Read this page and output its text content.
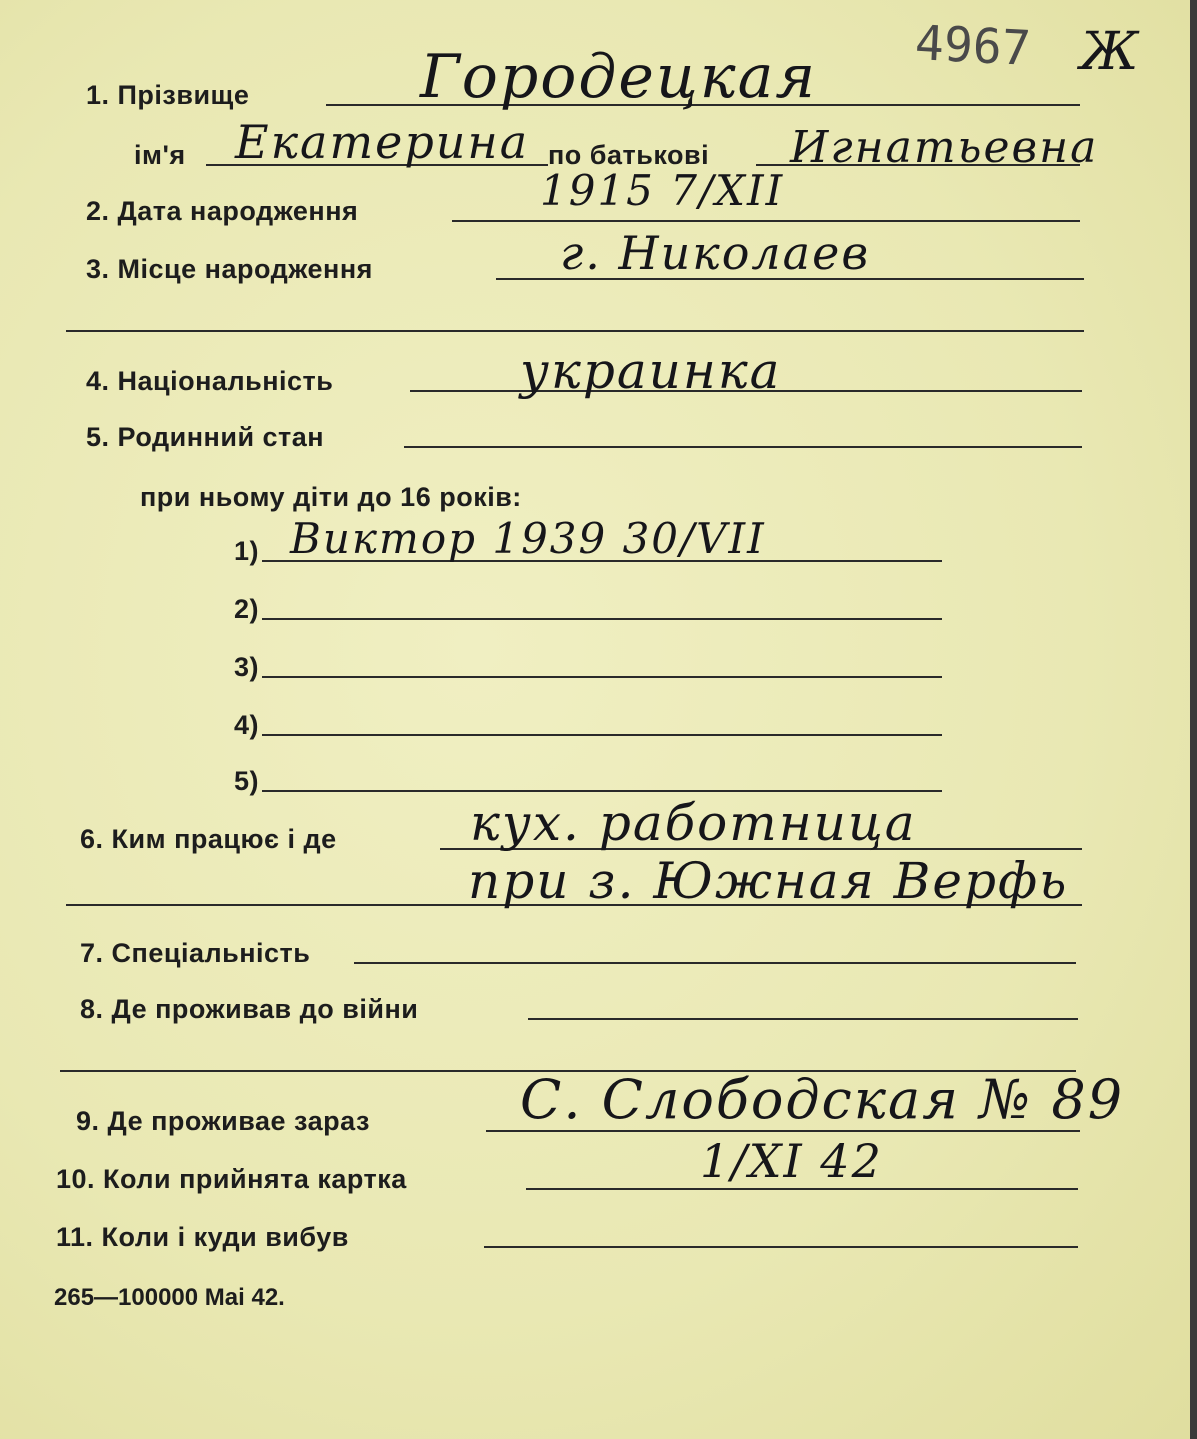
4967 Ж
1. Прізвище	Городецкая
ім'я Екатерина по батькові Игнатьевна
2. Дата народження	1915 7/XII
3. Місце народження	г. Николаев
4. Національність	украинка
5. Родинний стан
при ньому діти до 16 років:
1) Виктор 1939 30/VII
2)
3)
4)
5)
6. Ким працює і де	кух. работница
при з. Южная Верфь
7. Спеціальність
8. Де проживав до війни
9. Де проживае зараз	С. Слободская № 89
10. Коли прийнята картка	1/XI 42
11. Коли і куди вибув
265—100000 Mai 42.
